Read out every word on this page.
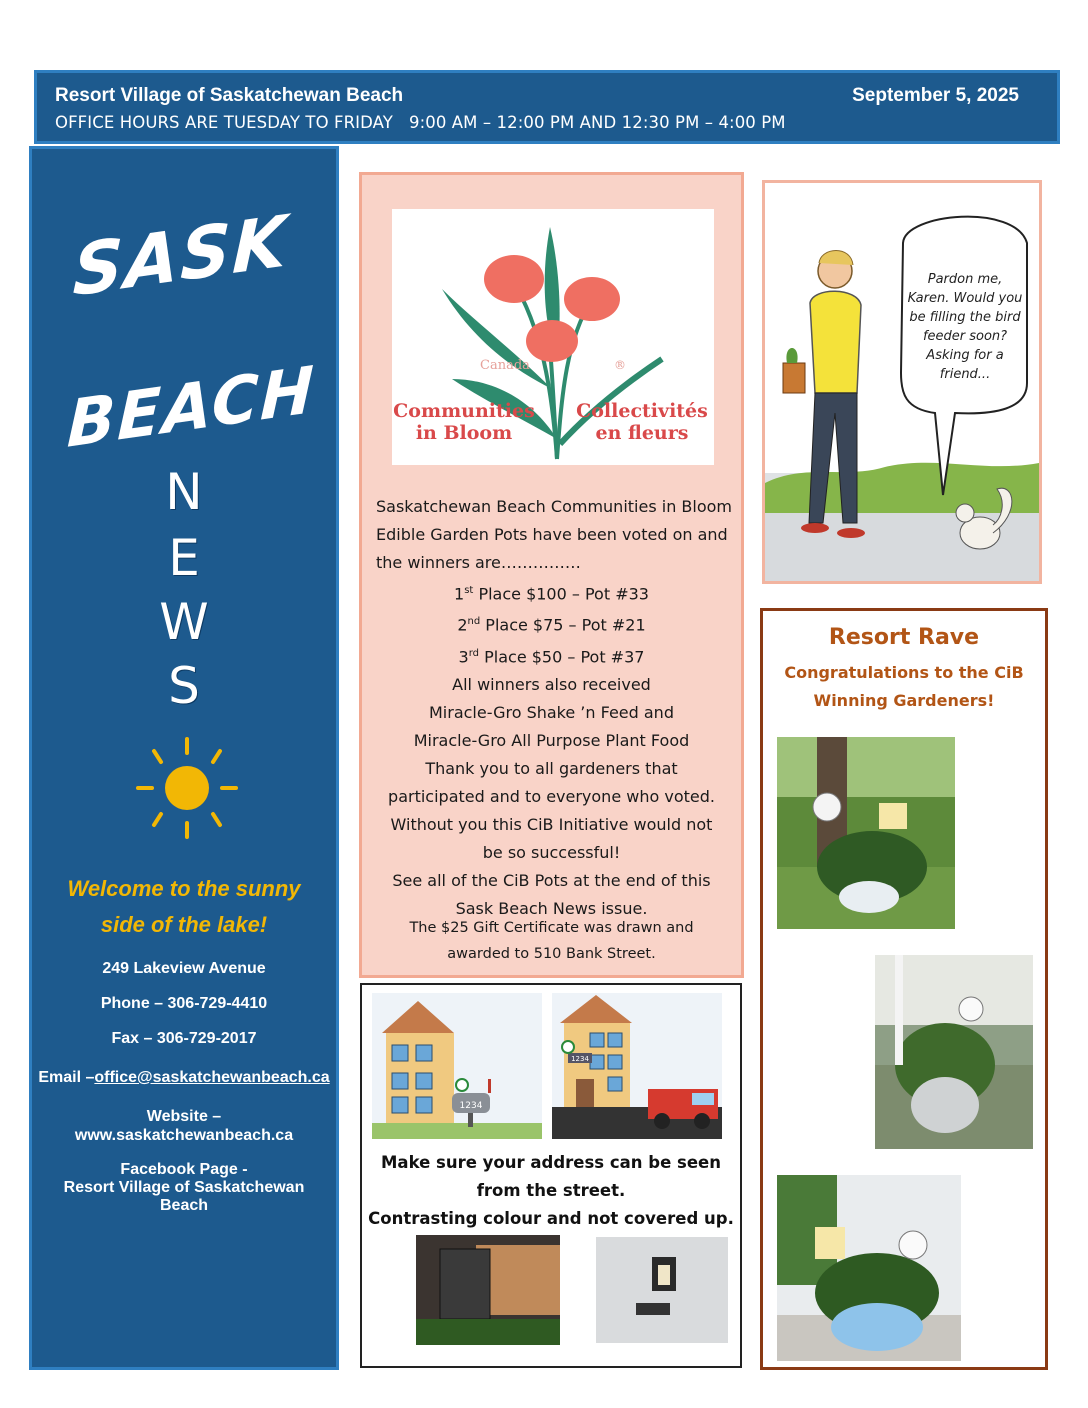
Resort Village of Saskatchewan Beach	September 5, 2025
OFFICE HOURS ARE TUESDAY TO FRIDAY   9:00 AM – 12:00 PM AND 12:30 PM – 4:00 PM
SASK
BEACH
N
E
W
S
Welcome to the sunny
side of the lake!
249 Lakeview Avenue
Phone – 306-729-4410
Fax – 306-729-2017
Email –office@saskatchewanbeach.ca
Website –
www.saskatchewanbeach.ca
Facebook Page -
Resort Village of Saskatchewan
Beach
Canada	®
Communities
in Bloom
Collectivités
en fleurs
Saskatchewan Beach Communities in Bloom Edible Garden Pots have been voted on and the winners are……………
1st Place $100 – Pot #33
2nd Place $75 – Pot #21
3rd Place $50 – Pot #37
All winners also received
Miracle-Gro Shake ’n Feed and
Miracle-Gro All Purpose Plant Food
Thank you to all gardeners that
participated and to everyone who voted.
Without you this CiB Initiative would not
be so successful!
See all of the CiB Pots at the end of this
Sask Beach News issue.
The $25 Gift Certificate was drawn and
awarded to 510 Bank Street.
Pardon me,
Karen. Would you
be filling the bird
feeder soon?
Asking for a
friend...
Resort Rave
Congratulations to the CiB
Winning Gardeners!
1234
1234
Make sure your address can be seen
from the street.
Contrasting colour and not covered up.
